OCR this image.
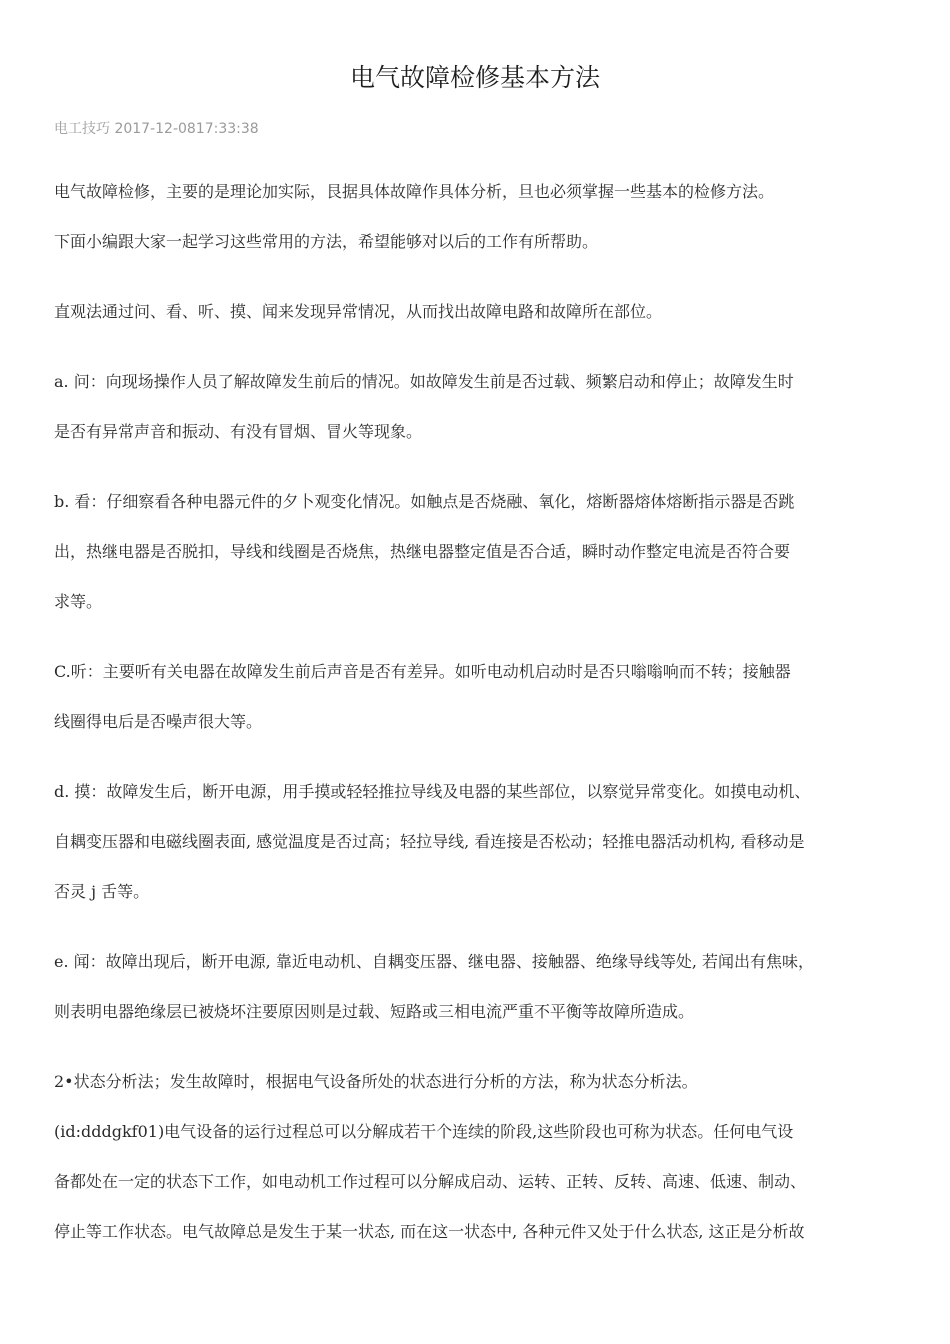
电气故障检修基本方法
电工技巧 2017-12-0817:33:38
电气故障检修，主要的是理论加实际，艮据具体故障作具体分析，旦也必须掌握一些基本的检修方法。
下面小编跟大家一起学习这些常用的方法，希望能够对以后的工作有所帮助。
直观法通过问、看、听、摸、闻来发现异常情况，从而找出故障电路和故障所在部位。
a. 问：向现场操作人员了解故障发生前后的情况。如故障发生前是否过载、频繁启动和停止；故障发生时
是否有异常声音和振动、有没有冒烟、冒火等现象。
b. 看：仔细察看各种电器元件的夕卜观变化情况。如触点是否烧融、氧化，熔断器熔体熔断指示器是否跳
出，热继电器是否脱扣，导线和线圈是否烧焦，热继电器整定值是否合适，瞬时动作整定电流是否符合要
求等。
C.听：主要听有关电器在故障发生前后声音是否有差异。如听电动机启动时是否只嗡嗡响而不转；接触器
线圈得电后是否噪声很大等。
d. 摸：故障发生后，断开电源，用手摸或轻轻推拉导线及电器的某些部位，以察觉异常变化。如摸电动机、
自耦变压器和电磁线圈表面, 感觉温度是否过高；轻拉导线, 看连接是否松动；轻推电器活动机构, 看移动是
否灵 j 舌等。
e. 闻：故障出现后，断开电源, 靠近电动机、自耦变压器、继电器、接触器、绝缘导线等处, 若闻出有焦味，
则表明电器绝缘层已被烧坏注要原因则是过载、短路或三相电流严重不平衡等故障所造成。
2•状态分析法；发生故障时，根据电气设备所处的状态进行分析的方法，称为状态分析法。
(id:dddgkf01)电气设备的运行过程总可以分解成若干个连续的阶段,这些阶段也可称为状态。任何电气设
备都处在一定的状态下工作，如电动机工作过程可以分解成启动、运转、正转、反转、高速、低速、制动、
停止等工作状态。电气故障总是发生于某一状态, 而在这一状态中, 各种元件又处于什么状态, 这正是分析故
